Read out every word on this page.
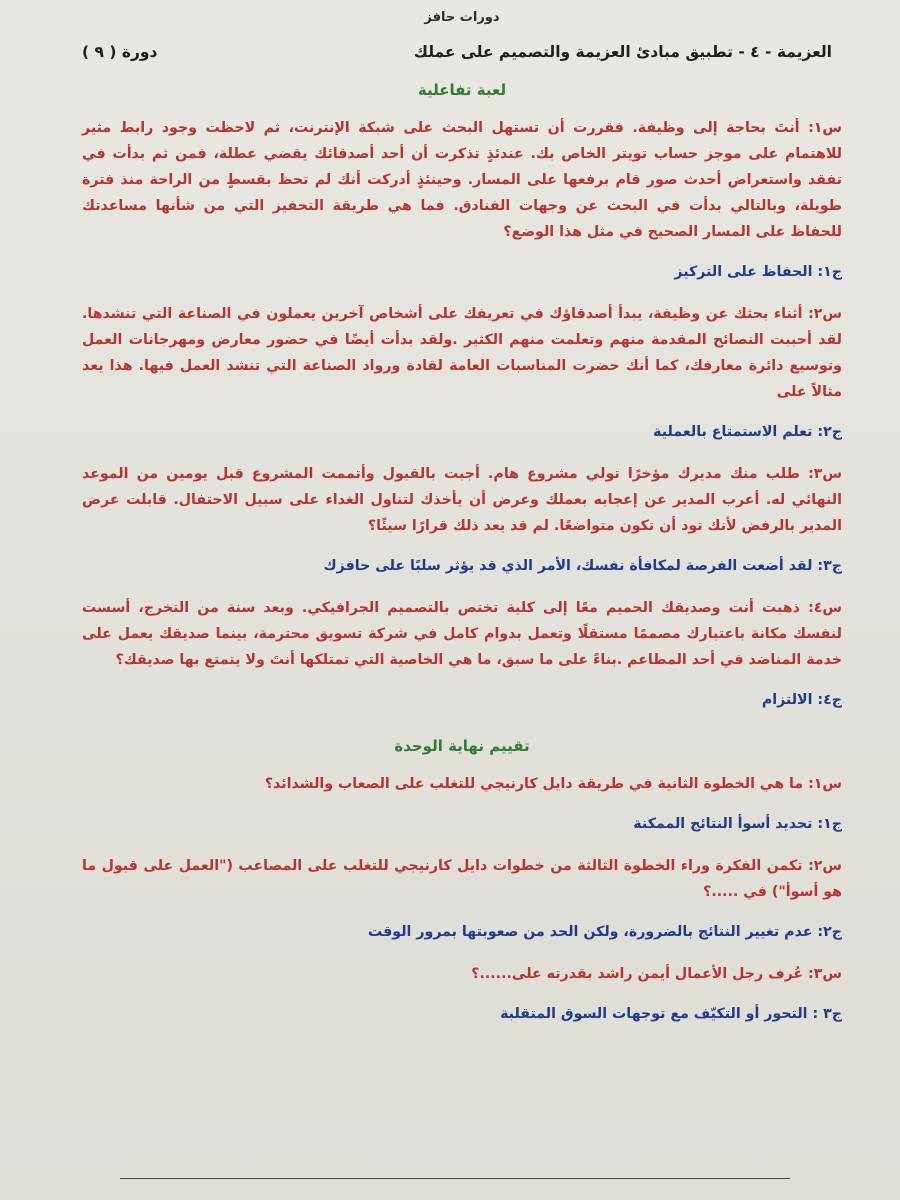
دورات حافز
العزيمة - ٤ - تطبيق مبادئ العزيمة والتصميم على عملك
دورة ( ٩ )
لعبة تفاعلية

س١: أنتَ بحاجة إلى وظيفة. فقررت أن تستهل البحث على شبكة الإنترنت، ثم لاحظت وجود رابط مثير للاهتمام على موجز حساب تويتر الخاص بك. عندئذٍ تذكرت أن أحد أصدقائك يقضي عطلة، فمن ثم بدأت في تفقد واستعراض أحدث صور قام برفعها على المسار. وحينئذٍ أدركت أنك لم تحظ بقسطٍ من الراحة منذ فترة طويلة، وبالتالي بدأت في البحث عن وجهات الفنادق. فما هي طريقة التحفيز التي من شأنها مساعدتك للحفاظ على المسار الصحيح في مثل هذا الوضع؟

ج١: الحفاظ على التركيز

س٢: أثناء بحثك عن وظيفة، يبدأ أصدقاؤك في تعريفك على أشخاص آخرين يعملون في الصناعة التي تنشدها. لقد أحببت النصائح المقدمة منهم وتعلمت منهم الكثير .ولقد بدأت أيضًا في حضور معارض ومهرجانات العمل وتوسيع دائرة معارفك، كما أنك حضرت المناسبات العامة لقادة ورواد الصناعة التي تنشد العمل فيها. هذا يعد مثالاً على

ج٢: تعلم الاستمتاع بالعملية

س٣: طلب منك مديرك مؤخرًا تولي مشروع هام. أجبت بالقبول وأتممت المشروع قبل يومين من الموعد النهائي له. أعرب المدير عن إعجابه بعملك وعرض أن يأخذك لتناول الغداء على سبيل الاحتفال. قابلت عرض المدير بالرفض لأنك تود أن تكون متواضعًا. لم قد يعد ذلك قرارًا سيئًا؟

ج٣: لقد أضعت الفرصة لمكافأة نفسك، الأمر الذي قد يؤثر سلبًا على حافزك

س٤: ذهبت أنت وصديقك الحميم معًا إلى كلية تختص بالتصميم الجرافيكي. وبعد سنة من التخرج، أسست لنفسك مكانة باعتبارك مصممًا مستقلًا وتعمل بدوام كامل في شركة تسويق محترمة، بينما صديقك يعمل على خدمة المناضد في أحد المطاعم .بناءً على ما سبق، ما هي الخاصية التي تمتلكها أنتَ ولا يتمتع بها صديقك؟

ج٤: الالتزام

تقييم نهاية الوحدة

س١: ما هي الخطوة الثانية في طريقة دايل كارنيجي للتغلب على الصعاب والشدائد؟

ج١: تحديد أسوأ النتائج الممكنة

س٢: تكمن الفكرة وراء الخطوة الثالثة من خطوات دايل كارنيجي للتغلب على المصاعب ("العمل على قبول ما هو أسوأ") في .....؟

ج٢: عدم تغيير النتائج بالضرورة، ولكن الحد من صعوبتها بمرور الوقت

س٣: عُرف رجل الأعمال أيمن راشد بقدرته على......؟

ج٣ : التحور أو التكيّف مع توجهات السوق المتقلبة
